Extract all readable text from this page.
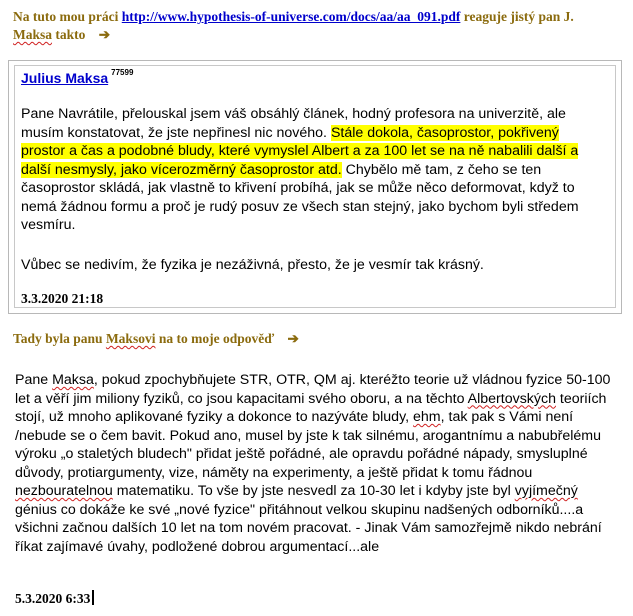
Na tuto mou práci http://www.hypothesis-of-universe.com/docs/aa/aa_091.pdf reaguje jistý pan J. Maksa takto ➔
Julius Maksa $^{77599}$
Pane Navrátile, přelouskal jsem váš obsáhlý článek, hodný profesora na univerzitě, ale musím konstatovat, že jste nepřinesl nic nového. Stále dokola, časoprostor, pokřivený prostor a čas a podobné bludy, které vymyslel Albert a za 100 let se na ně nabalili další a další nesmysly, jako vícerozměrný časoprostor atd. Chybělo mě tam, z čeho se ten časoprostor skládá, jak vlastně to křivení probíhá, jak se může něco deformovat, když to nemá žádnou formu a proč je rudý posuv ze všech stan stejný, jako bychom byli středem vesmíru.
Vůbec se nedivím, že fyzika je nezáživná, přesto, že je vesmír tak krásný.
3.3.2020 21:18
Tady byla panu Maksovi na to moje odpověď ➔
Pane Maksa, pokud zpochybňujete STR, OTR, QM aj. kteréžto teorie už vládnou fyzice 50-100 let a věří jim miliony fyziků, co jsou kapacitami svého oboru, a na těchto Albertovských teoriích stojí, už mnoho aplikované fyziky a dokonce to nazýváte bludy, ehm, tak pak s Vámi není /nebude se o čem bavit. Pokud ano, musel by jste k tak silnému, arogantnímu a nabubřelému výroku „o staletých bludech" přidat ještě pořádné, ale opravdu pořádné nápady, smysluplné důvody, protiargumenty, vize, náměty na experimenty, a ještě přidat k tomu řádnou nezbouratelnou matematiku. To vše by jste nesvedl za 10-30 let i kdyby jste byl vyjímečný génius co dokáže ke své „nové fyzice" přitáhnout velkou skupinu nadšených odborníků....a všichni začnou dalších 10 let na tom novém pracovat. - Jinak Vám samozřejmě nikdo nebrání říkat zajímavé úvahy, podložené dobrou argumentací...ale
5.3.2020 6:33
